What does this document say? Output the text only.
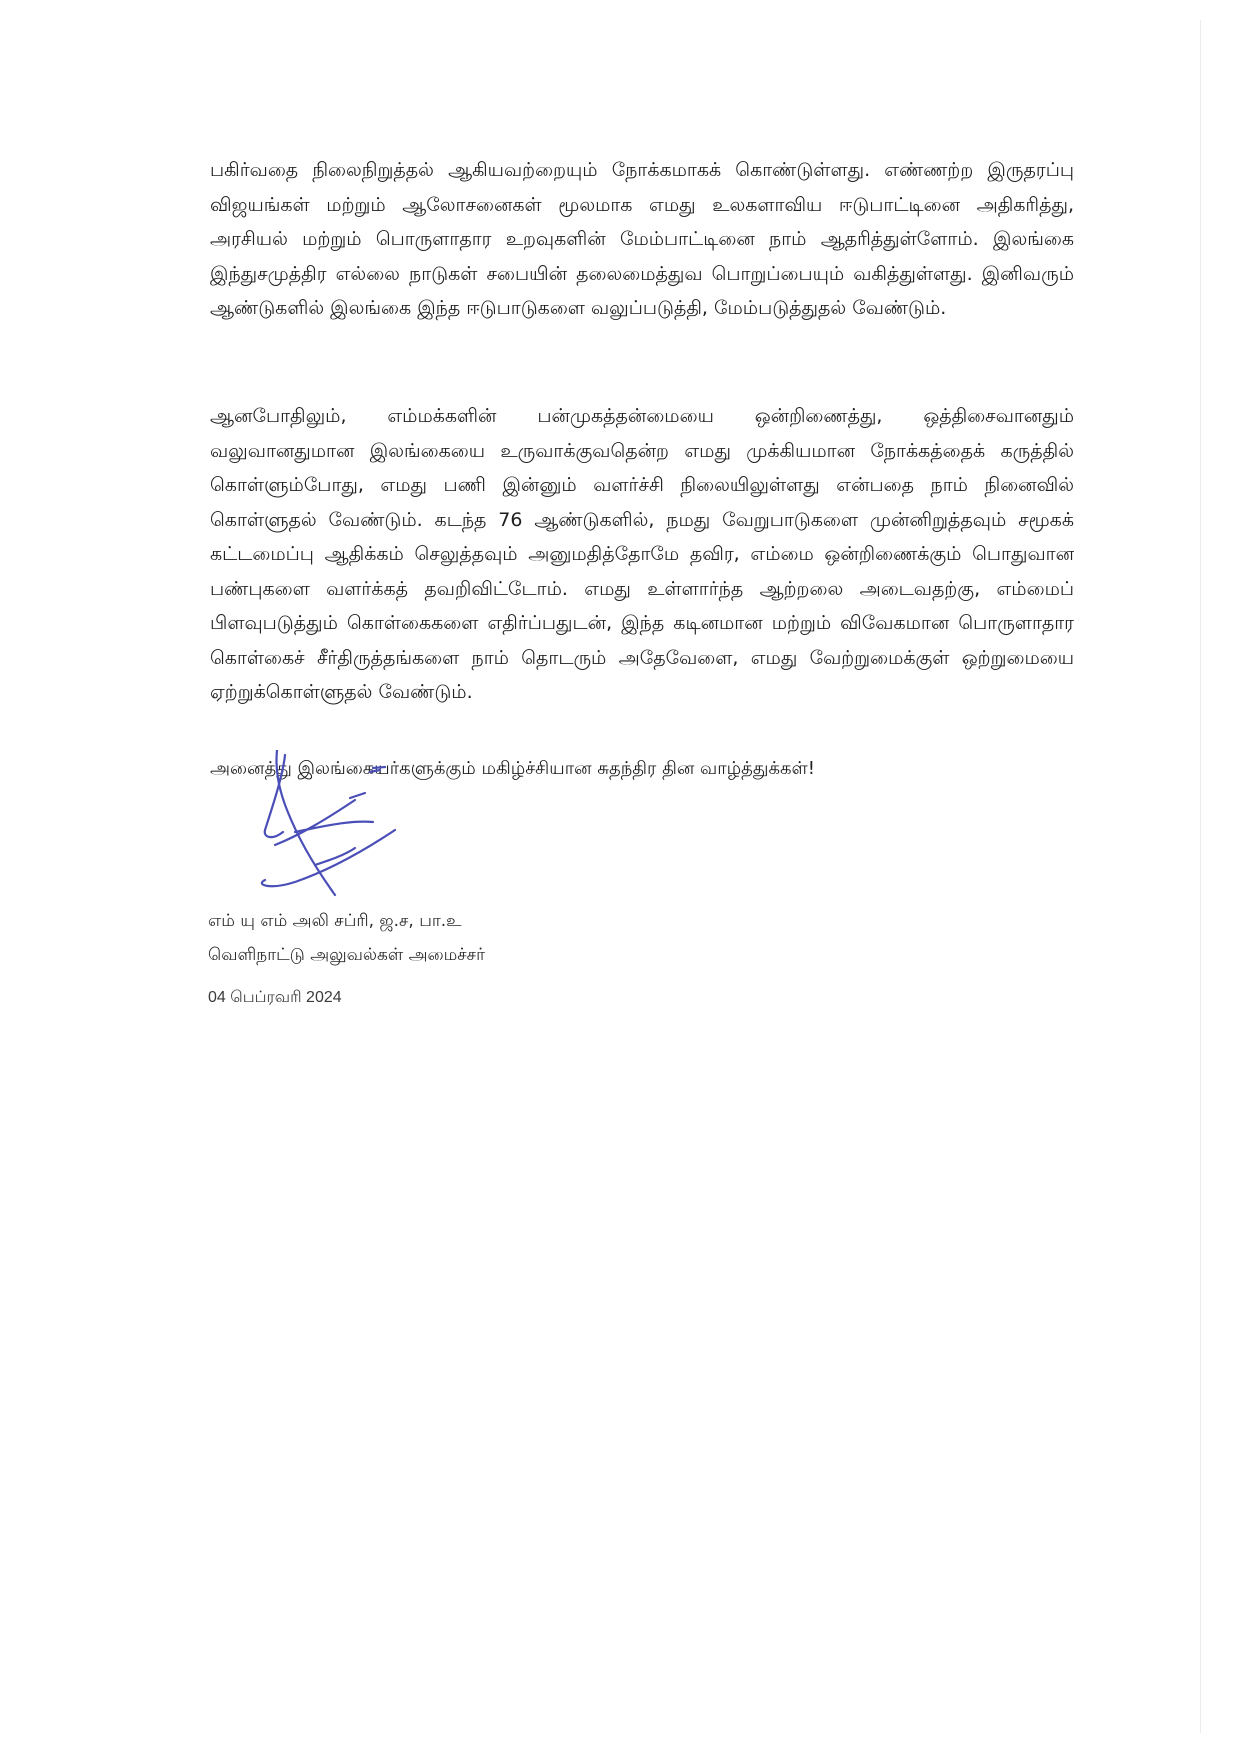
பகிர்வதை நிலைநிறுத்தல் ஆகியவற்றையும் நோக்கமாகக் கொண்டுள்ளது. எண்ணற்ற இருதரப்பு விஜயங்கள் மற்றும் ஆலோசனைகள் மூலமாக எமது உலகளாவிய ஈடுபாட்டினை அதிகரித்து, அரசியல் மற்றும் பொருளாதார உறவுகளின் மேம்பாட்டினை நாம் ஆதரித்துள்ளோம். இலங்கை இந்துசமுத்திர எல்லை நாடுகள் சபையின் தலைமைத்துவ பொறுப்பையும் வகித்துள்ளது. இனிவரும் ஆண்டுகளில் இலங்கை இந்த ஈடுபாடுகளை வலுப்படுத்தி, மேம்படுத்துதல் வேண்டும்.

ஆனபோதிலும், எம்மக்களின் பன்முகத்தன்மையை ஒன்றிணைத்து, ஒத்திசைவானதும் வலுவானதுமான இலங்கையை உருவாக்குவதென்ற எமது முக்கியமான நோக்கத்தைக் கருத்தில் கொள்ளும்போது, எமது பணி இன்னும் வளர்ச்சி நிலையிலுள்ளது என்பதை நாம் நினைவில் கொள்ளுதல் வேண்டும். கடந்த 76 ஆண்டுகளில், நமது வேறுபாடுகளை முன்னிறுத்தவும் சமூகக் கட்டமைப்பு ஆதிக்கம் செலுத்தவும் அனுமதித்தோமே தவிர, எம்மை ஒன்றிணைக்கும் பொதுவான பண்புகளை வளர்க்கத் தவறிவிட்டோம். எமது உள்ளார்ந்த ஆற்றலை அடைவதற்கு, எம்மைப் பிளவுபடுத்தும் கொள்கைகளை எதிர்ப்பதுடன், இந்த கடினமான மற்றும் விவேகமான பொருளாதார கொள்கைச் சீர்திருத்தங்களை நாம் தொடரும் அதேவேளை, எமது வேற்றுமைக்குள் ஒற்றுமையை ஏற்றுக்கொள்ளுதல் வேண்டும்.

அனைத்து இலங்கையர்களுக்கும் மகிழ்ச்சியான சுதந்திர தின வாழ்த்துக்கள்!

எம் யு எம் அலி சப்ரி, ஜ.ச, பா.உ

வெளிநாட்டு அலுவல்கள் அமைச்சர்

04 பெப்ரவரி 2024
